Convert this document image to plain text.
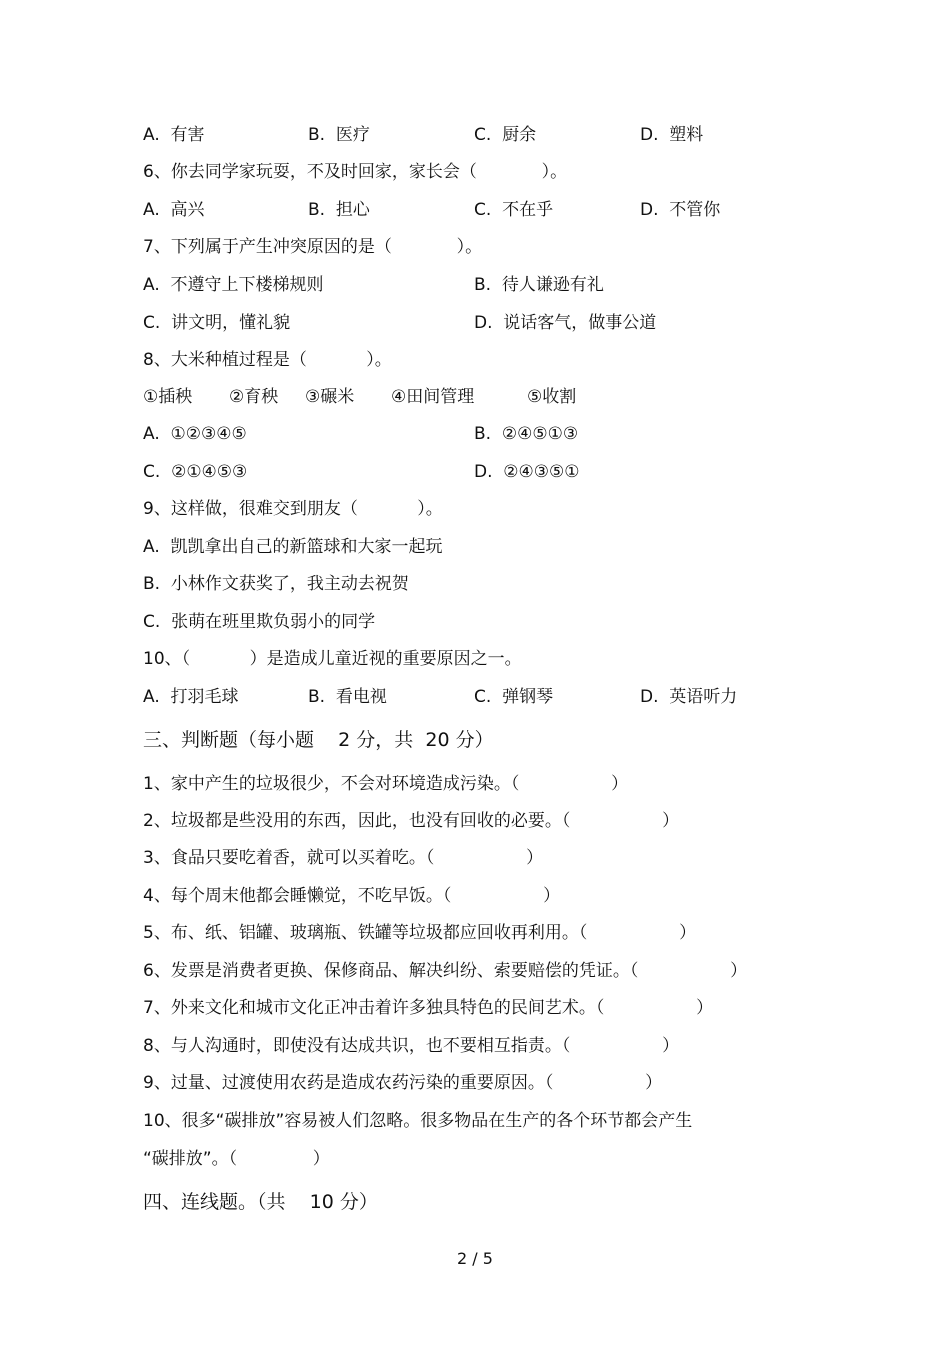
A.  有害	B.  医疗	C.  厨余	D.  塑料
6、你去同学家玩耍，不及时回家，家长会（            ）。
A.  高兴	B.  担心	C.  不在乎	D.  不管你
7、下列属于产生冲突原因的是（            ）。
A.  不遵守上下楼梯规则	B.  待人谦逊有礼
C.  讲文明，懂礼貌	D.  说话客气，做事公道
8、大米种植过程是（           ）。
①插秧 ②育秧 ③碾米 ④田间管理	⑤收割
A.  ①②③④⑤	B.  ②④⑤①③
C.  ②①④⑤③	D.  ②④③⑤①
9、这样做，很难交到朋友（           ）。
A.  凯凯拿出自己的新篮球和大家一起玩
B.  小林作文获奖了，我主动去祝贺
C.  张萌在班里欺负弱小的同学
10、（           ）是造成儿童近视的重要原因之一。
A.  打羽毛球	B.  看电视	C.  弹钢琴	D.  英语听力
三、判断题（每小题    2 分，共  20 分）
1、家中产生的垃圾很少，不会对环境造成污染。（                 ）
2、垃圾都是些没用的东西，因此，也没有回收的必要。（                 ）
3、食品只要吃着香，就可以买着吃。（                 ）
4、每个周末他都会睡懒觉，不吃早饭。（                 ）
5、布、纸、铝罐、玻璃瓶、铁罐等垃圾都应回收再利用。（                 ）
6、发票是消费者更换、保修商品、解决纠纷、索要赔偿的凭证。（                 ）
7、外来文化和城市文化正冲击着许多独具特色的民间艺术。（                 ）
8、与人沟通时，即使没有达成共识，也不要相互指责。（                 ）
9、过量、过渡使用农药是造成农药污染的重要原因。（                 ）
10、很多“碳排放”容易被人们忽略。很多物品在生产的各个环节都会产生
“碳排放”。（              ）
四、连线题。（共    10 分）
2 / 5
